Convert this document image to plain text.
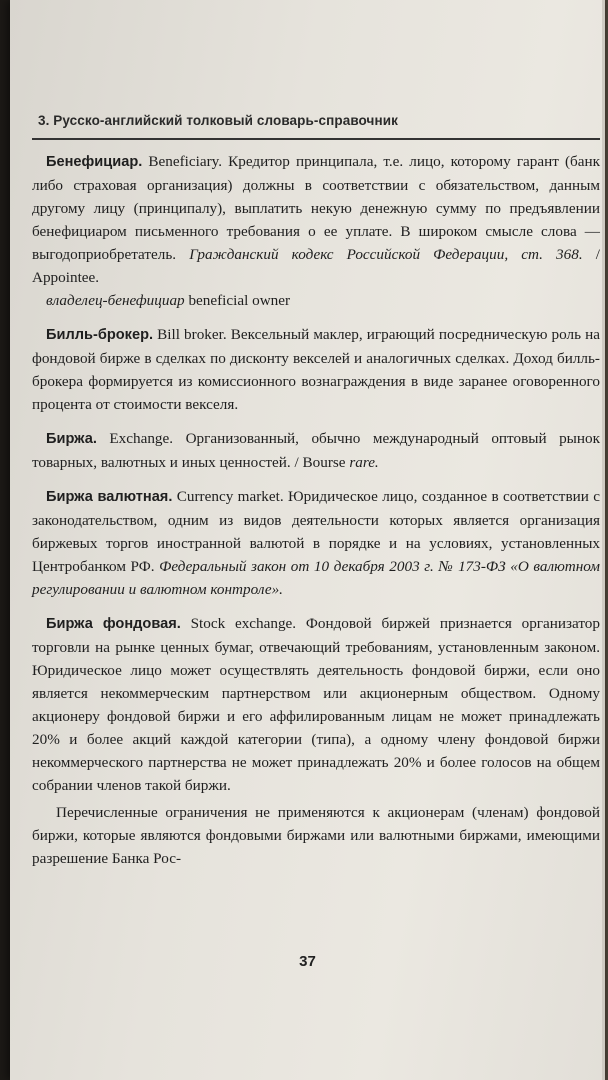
3. Русско-английский толковый словарь-справочник

Бенефициар. Beneficiary. Кредитор принципала, т.е. лицо, которому гарант (банк либо страховая организация) должны в соответствии с обязательством, данным другому лицу (принципалу), выплатить некую денежную сумму по предъявлении бенефициаром письменного требования о ее уплате. В широком смысле слова — выгодоприобретатель. Гражданский кодекс Российской Федерации, ст. 368. / Appointee.

владелец-бенефициар beneficial owner

Билль-брокер. Bill broker. Вексельный маклер, играющий посредническую роль на фондовой бирже в сделках по дисконту векселей и аналогичных сделках. Доход билль-брокера формируется из комиссионного вознаграждения в виде заранее оговоренного процента от стоимости векселя.

Биржа. Exchange. Организованный, обычно международный оптовый рынок товарных, валютных и иных ценностей. / Bourse rare.

Биржа валютная. Currency market. Юридическое лицо, созданное в соответствии с законодательством, одним из видов деятельности которых является организация биржевых торгов иностранной валютой в порядке и на условиях, установленных Центробанком РФ. Федеральный закон от 10 декабря 2003 г. № 173-ФЗ «О валютном регулировании и валютном контроле».

Биржа фондовая. Stock exchange. Фондовой биржей признается организатор торговли на рынке ценных бумаг, отвечающий требованиям, установленным законом. Юридическое лицо может осуществлять деятельность фондовой биржи, если оно является некоммерческим партнерством или акционерным обществом. Одному акционеру фондовой биржи и его аффилированным лицам не может принадлежать 20% и более акций каждой категории (типа), а одному члену фондовой биржи некоммерческого партнерства не может принадлежать 20% и более голосов на общем собрании членов такой биржи.

Перечисленные ограничения не применяются к акционерам (членам) фондовой биржи, которые являются фондовыми биржами или валютными биржами, имеющими разрешение Банка Рос-

37
